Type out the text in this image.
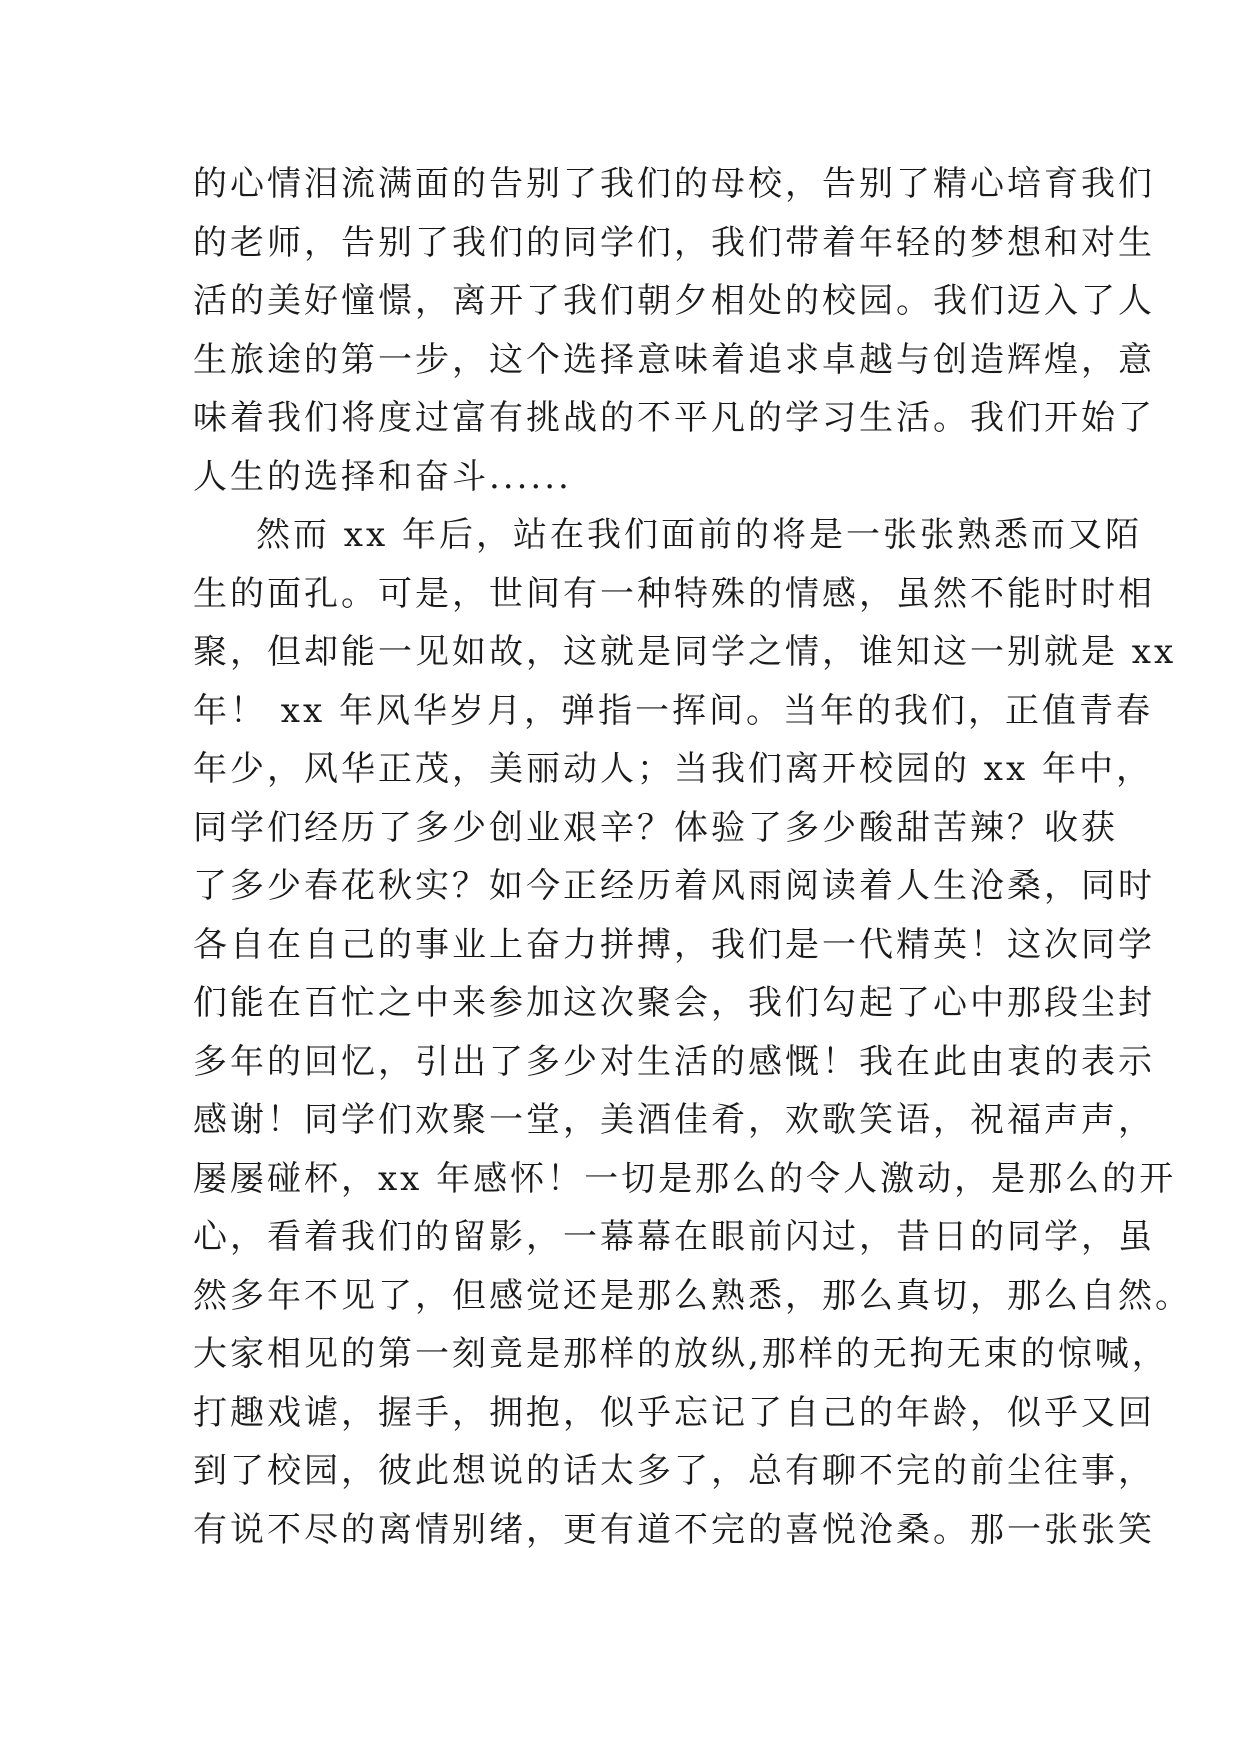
的心情泪流满面的告别了我们的母校，告别了精心培育我们
的老师，告别了我们的同学们，我们带着年轻的梦想和对生
活的美好憧憬，离开了我们朝夕相处的校园。我们迈入了人
生旅途的第一步，这个选择意味着追求卓越与创造辉煌，意
味着我们将度过富有挑战的不平凡的学习生活。我们开始了
人生的选择和奋斗......
然而 xx 年后，站在我们面前的将是一张张熟悉而又陌
生的面孔。可是，世间有一种特殊的情感，虽然不能时时相
聚，但却能一见如故，这就是同学之情，谁知这一别就是 xx
年！ xx 年风华岁月，弹指一挥间。当年的我们，正值青春
年少，风华正茂，美丽动人；当我们离开校园的 xx 年中，
同学们经历了多少创业艰辛？体验了多少酸甜苦辣？收获
了多少春花秋实？如今正经历着风雨阅读着人生沧桑，同时
各自在自己的事业上奋力拼搏，我们是一代精英！这次同学
们能在百忙之中来参加这次聚会，我们勾起了心中那段尘封
多年的回忆，引出了多少对生活的感慨！我在此由衷的表示
感谢！同学们欢聚一堂，美酒佳肴，欢歌笑语，祝福声声，
屡屡碰杯，xx 年感怀！一切是那么的令人激动，是那么的开
心，看着我们的留影，一幕幕在眼前闪过，昔日的同学，虽
然多年不见了，但感觉还是那么熟悉，那么真切，那么自然。
大家相见的第一刻竟是那样的放纵,那样的无拘无束的惊喊，
打趣戏谑，握手，拥抱，似乎忘记了自己的年龄，似乎又回
到了校园，彼此想说的话太多了，总有聊不完的前尘往事，
有说不尽的离情别绪，更有道不完的喜悦沧桑。那一张张笑
